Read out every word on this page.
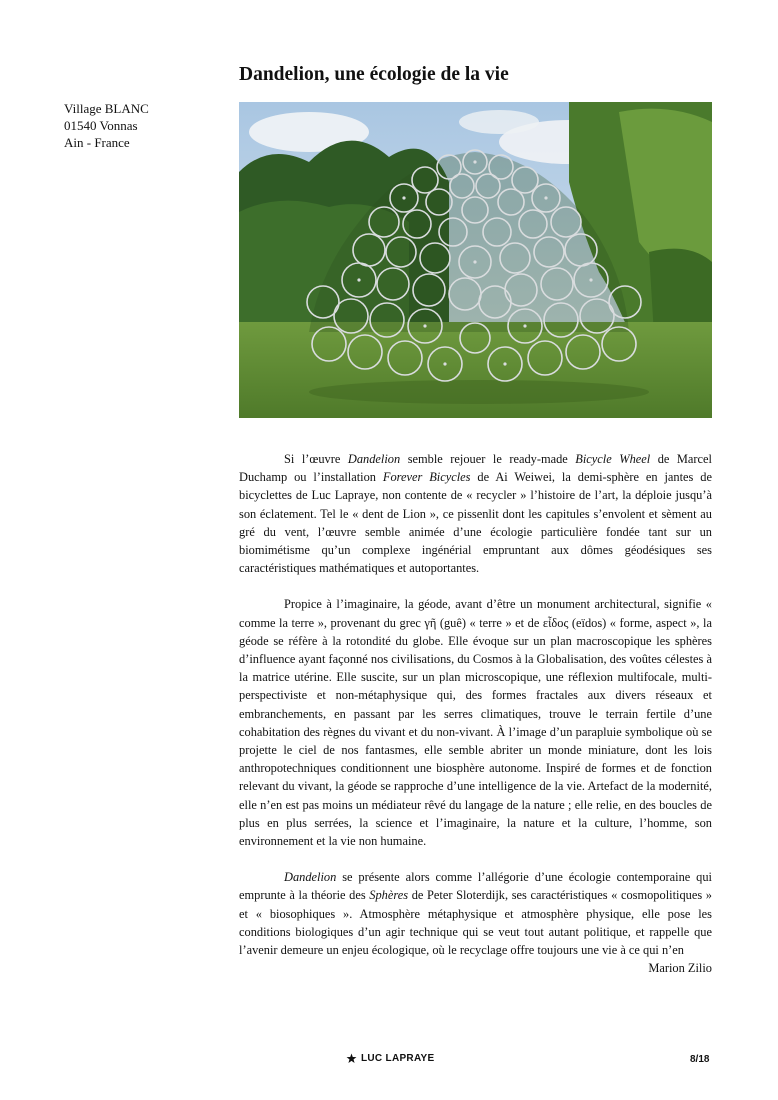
Dandelion, une écologie de la vie
Village BLANC
01540 Vonnas
Ain - France

Si l’œuvre Dandelion semble rejouer le ready-made Bicycle Wheel de Marcel Duchamp ou l’installation Forever Bicycles de Ai Weiwei, la demi-sphère en jantes de bicyclettes de Luc Lapraye, non contente de « recycler » l’histoire de l’art, la déploie jusqu’à son éclatement. Tel le « dent de Lion », ce pissenlit dont les capitules s’envolent et sèment au gré du vent, l’œuvre semble animée d’une écologie particulière fondée tant sur un biomimétisme qu’un complexe ingénérial empruntant aux dômes géodésiques ses caractéristiques mathématiques et autoportantes.

Propice à l’imaginaire, la géode, avant d’être un monument architectural, signifie « comme la terre », provenant du grec γῆ (guê) « terre » et de εἶδος (eïdos) « forme, aspect », la géode se réfère à la rotondité du globe. Elle évoque sur un plan macroscopique les sphères d’influence ayant façonné nos civilisations, du Cosmos à la Globalisation, des voûtes célestes à la matrice utérine. Elle suscite, sur un plan microscopique, une réflexion multifocale, multi-perspectiviste et non-métaphysique qui, des formes fractales aux divers réseaux et embranchements, en passant par les serres climatiques, trouve le terrain fertile d’une cohabitation des règnes du vivant et du non-vivant. À l’image d’un parapluie symbolique où se projette le ciel de nos fantasmes, elle semble abriter un monde miniature, dont les lois anthropotechniques conditionnent une biosphère autonome. Inspiré de formes et de fonction relevant du vivant, la géode se rapproche d’une intelligence de la vie. Artefact de la modernité, elle n’en est pas moins un médiateur rêvé du langage de la nature ; elle relie, en des boucles de plus en plus serrées, la science et l’imaginaire, la nature et la culture, l’homme, son environnement et la vie non humaine.

Dandelion se présente alors comme l’allégorie d’une écologie contemporaine qui emprunte à la théorie des Sphères de Peter Sloterdijk, ses caractéristiques « cosmopolitiques » et « biosophiques ». Atmosphère métaphysique et atmosphère physique, elle pose les conditions biologiques d’un agir technique qui se veut tout autant politique, et rappelle que l’avenir demeure un enjeu écologique, où le recyclage offre toujours une vie à ce qui n’en

Marion Zilio
LUC LAPRAYE	8/18
